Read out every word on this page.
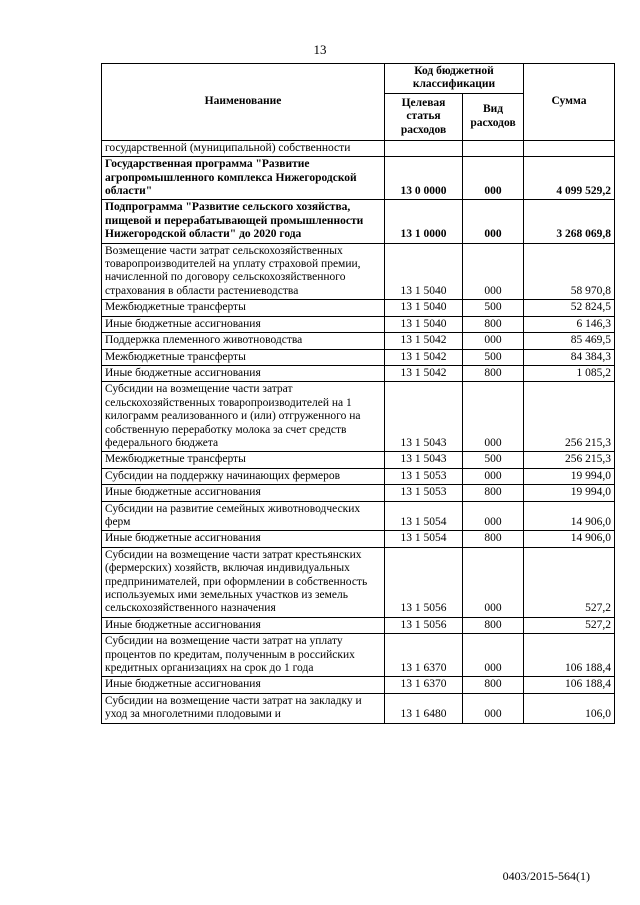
13
Наименование	Код бюджетной классификации		Сумма
	Целевая статья расходов	Вид расходов	
государственной (муниципальной) собственности			
Государственная программа "Развитие агропромышленного комплекса Нижегородской области"	13 0 0000	000	4 099 529,2
Подпрограмма "Развитие сельского хозяйства, пищевой и перерабатывающей промышленности Нижегородской области" до 2020 года	13 1 0000	000	3 268 069,8
Возмещение части затрат сельскохозяйственных товаропроизводителей на уплату страховой премии, начисленной по договору сельскохозяйственного страхования в области растениеводства	13 1 5040	000	58 970,8
Межбюджетные трансферты	13 1 5040	500	52 824,5
Иные бюджетные ассигнования	13 1 5040	800	6 146,3
Поддержка племенного животноводства	13 1 5042	000	85 469,5
Межбюджетные трансферты	13 1 5042	500	84 384,3
Иные бюджетные ассигнования	13 1 5042	800	1 085,2
Субсидии на возмещение части затрат сельскохозяйственных товаропроизводителей на 1 килограмм реализованного и (или) отгруженного на собственную переработку молока за счет средств федерального бюджета	13 1 5043	000	256 215,3
Межбюджетные трансферты	13 1 5043	500	256 215,3
Субсидии на поддержку начинающих фермеров	13 1 5053	000	19 994,0
Иные бюджетные ассигнования	13 1 5053	800	19 994,0
Субсидии на развитие семейных животноводческих ферм	13 1 5054	000	14 906,0
Иные бюджетные ассигнования	13 1 5054	800	14 906,0
Субсидии на возмещение части затрат крестьянских (фермерских) хозяйств, включая индивидуальных предпринимателей, при оформлении в собственность используемых ими земельных участков из земель сельскохозяйственного назначения	13 1 5056	000	527,2
Иные бюджетные ассигнования	13 1 5056	800	527,2
Субсидии на возмещение части затрат на уплату процентов по кредитам, полученным в российских кредитных организациях на срок до 1 года	13 1 6370	000	106 188,4
Иные бюджетные ассигнования	13 1 6370	800	106 188,4
Субсидии на возмещение части затрат на закладку и уход за многолетними плодовыми и	13 1 6480	000	106,0
0403/2015-564(1)
